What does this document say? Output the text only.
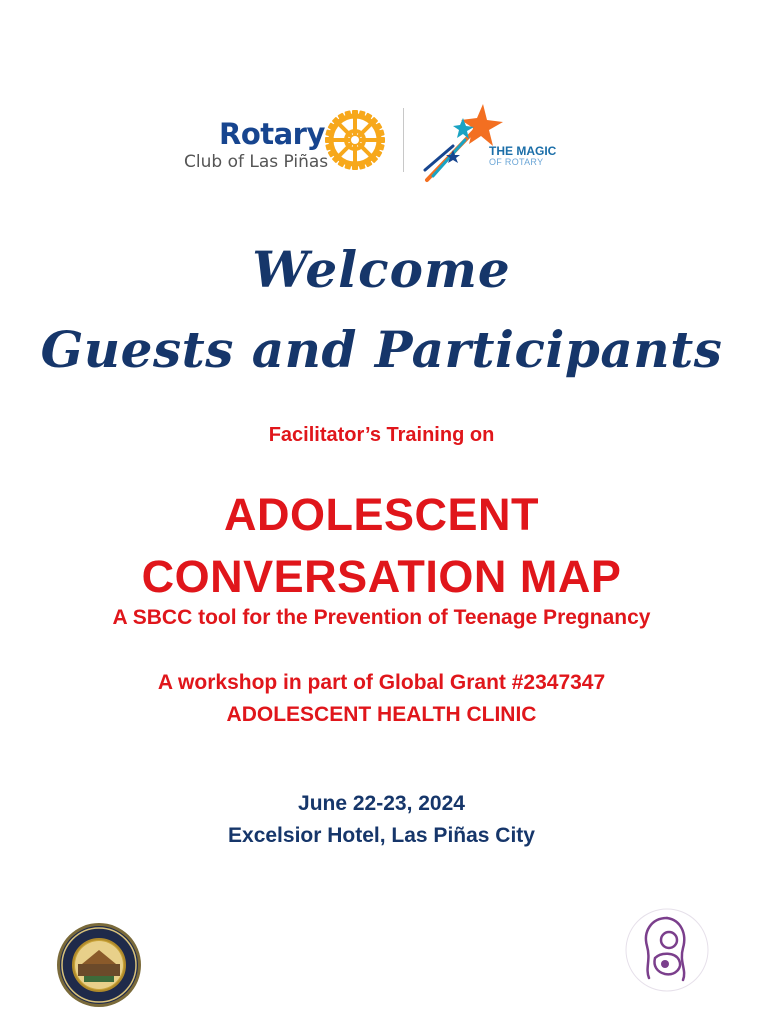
Rotary
Club of Las Piñas
THE MAGIC
OF ROTARY
Welcome
Guests and Participants
Facilitator’s Training on
ADOLESCENT
CONVERSATION MAP
A SBCC tool for the Prevention of Teenage Pregnancy
A workshop in part of Global Grant #2347347
ADOLESCENT HEALTH CLINIC
June 22-23, 2024
Excelsior Hotel, Las Piñas City
